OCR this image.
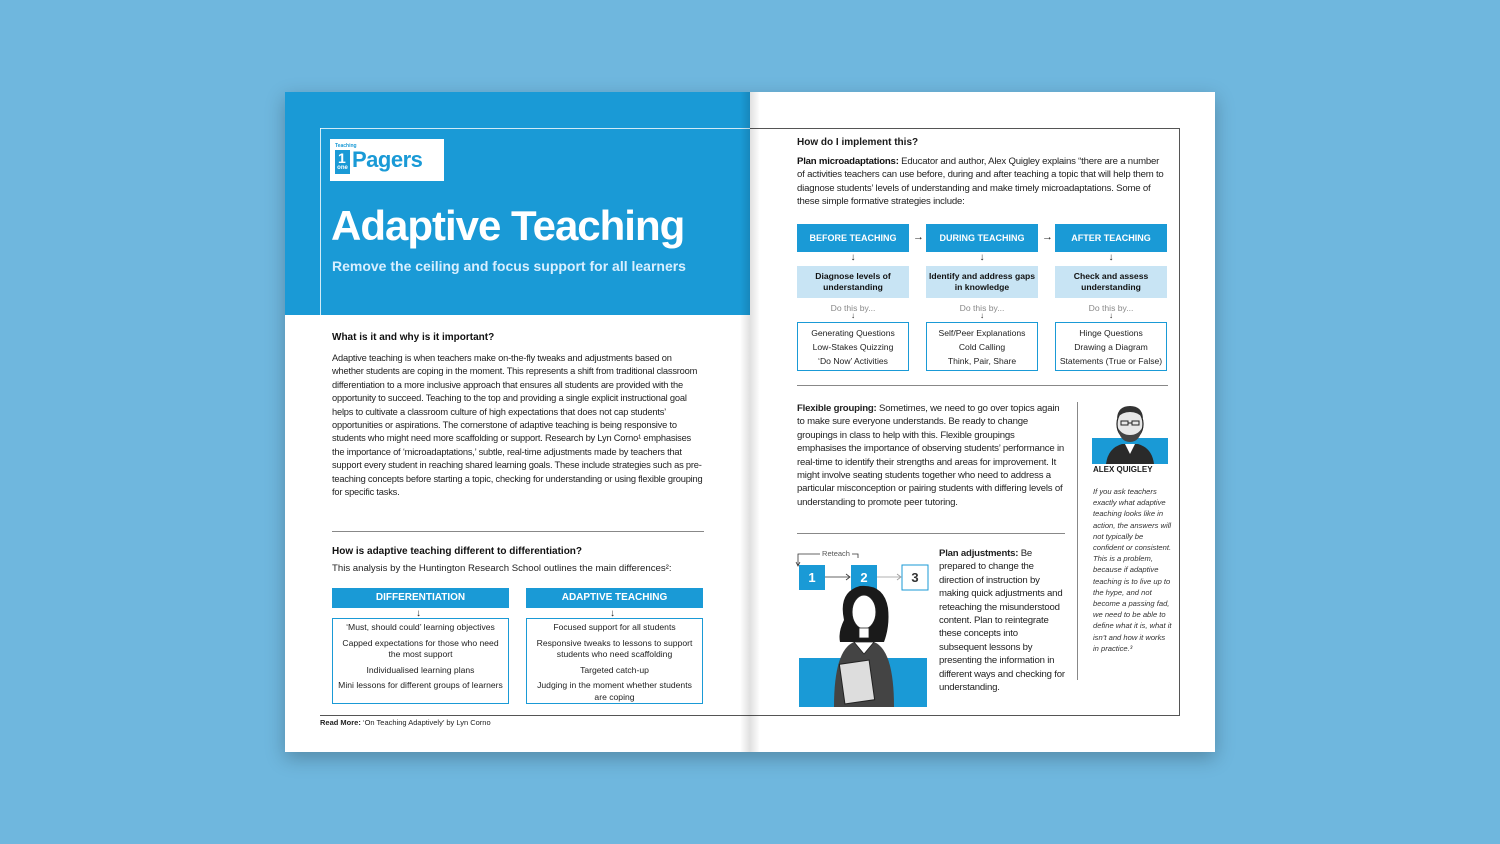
Teaching
1 one Pagers
Adaptive Teaching
Remove the ceiling and focus support for all learners
What is it and why is it important?
Adaptive teaching is when teachers make on-the-fly tweaks and adjustments based on whether students are coping in the moment. This represents a shift from traditional classroom differentiation to a more inclusive approach that ensures all students are provided with the opportunity to succeed. Teaching to the top and providing a single explicit instructional goal helps to cultivate a classroom culture of high expectations that does not cap students’ opportunities or aspirations. The cornerstone of adaptive teaching is being responsive to students who might need more scaffolding or support. Research by Lyn Corno¹ emphasises the importance of ‘microadaptations,’ subtle, real-time adjustments made by teachers that support every student in reaching shared learning goals. These include strategies such as pre-teaching concepts before starting a topic, checking for understanding or using flexible grouping for specific tasks.
How is adaptive teaching different to differentiation?
This analysis by the Huntington Research School outlines the main differences²:
DIFFERENTIATION
↓
‘Must, should could’ learning objectives
Capped expectations for those who need the most support
Individualised learning plans
Mini lessons for different groups of learners
ADAPTIVE TEACHING
↓
Focused support for all students
Responsive tweaks to lessons to support students who need scaffolding
Targeted catch-up
Judging in the moment whether students are coping
Read More: ‘On Teaching Adaptively’ by Lyn Corno
How do I implement this?
Plan microadaptations: Educator and author, Alex Quigley explains “there are a number of activities teachers can use before, during and after teaching a topic that will help them to diagnose students’ levels of understanding and make timely microadaptations. Some of these simple formative strategies include:
BEFORE TEACHING	→	DURING TEACHING	→	AFTER TEACHING
↓	↓	↓
Diagnose levels of understanding
Identify and address gaps in knowledge
Check and assess understanding
Do this by...	Do this by...	Do this by...
↓	↓	↓
Generating Questions
Low-Stakes Quizzing
‘Do Now’ Activities
Self/Peer Explanations
Cold Calling
Think, Pair, Share
Hinge Questions
Drawing a Diagram
Statements (True or False)
Flexible grouping: Sometimes, we need to go over topics again to make sure everyone understands. Be ready to change groupings in class to help with this. Flexible groupings emphasises the importance of observing students’ performance in real-time to identify their strengths and areas for improvement. It might involve seating students together who need to address a particular misconception or pairing students with differing levels of understanding to promote peer tutoring.
ALEX QUIGLEY
If you ask teachers exactly what adaptive teaching looks like in action, the answers will not typically be confident or consistent. This is a problem, because if adaptive teaching is to live up to the hype, and not become a passing fad, we need to be able to define what it is, what it isn’t and how it works in practice.³
Reteach
1	2	3
Plan adjustments: Be prepared to change the direction of instruction by making quick adjustments and reteaching the misunderstood content. Plan to reintegrate these concepts into subsequent lessons by presenting the information in different ways and checking for understanding.
